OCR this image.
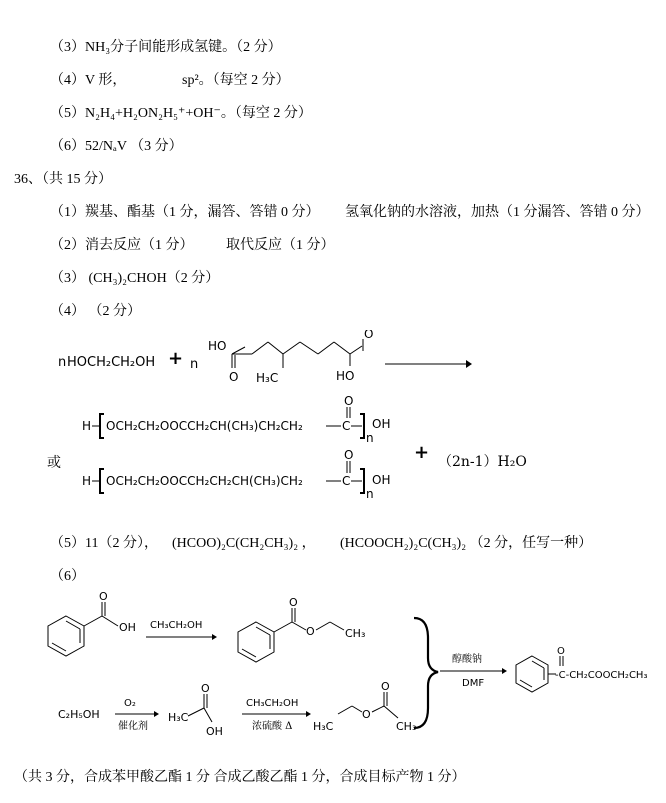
（3）NH₃分子间能形成氢键。（2 分）
（4）V 形，	sp²。（每空 2 分）
（5）N₂H₄+H₂ON₂H₅⁺+OH⁻。（每空 2 分）
（6）52/NₐV （3 分）
36、（共 15 分）
（1）羰基、酯基（1 分，漏答、答错 0 分） 氢氧化钠的水溶液，加热（1 分漏答、答错 0 分）
（2）消去反应（1 分） 取代反应（1 分）
（3） (CH₃)₂CHOH（2 分）
（4） （2 分）
（5）11（2 分）， (HCOO)₂C(CH₂CH₃)₂ ， (HCOOCH₂)₂C(CH₃)₂ （2 分，任写一种）
（6）
（共 3 分，合成苯甲酸乙酯 1 分 合成乙酸乙酯 1 分，合成目标产物 1 分）
n HOCH₂CH₂OH + n
HO
O H₃C
O
HO
H OCH₂CH₂OOCCH₂CH(CH₃)CH₂CH₂	C
O
n
OH
或
H OCH₂CH₂OOCCH₂CH₂CH(CH₃)CH₂	C
O
n
OH
+ （2n-1）H₂O
O
OH CH₃CH₂OH
O
O	CH₃
C₂H₅OH
O₂
催化剂
H₃C
O
OH
CH₃CH₂OH
浓硫酸 Δ H₃C
O
O
CH₃
醇酸钠
DMF
O
-C-CH₂COOCH₂CH₃
